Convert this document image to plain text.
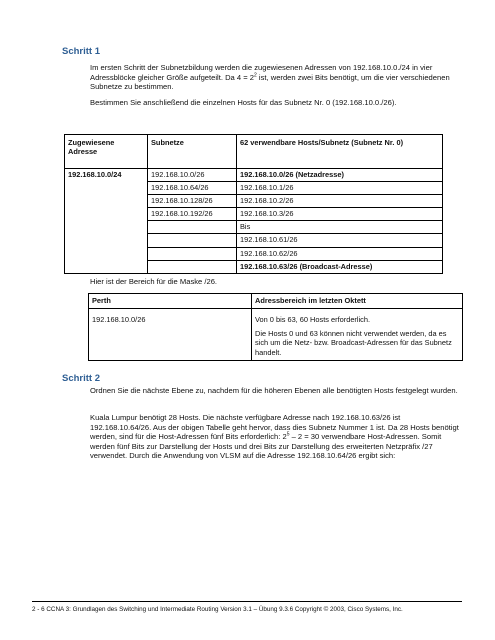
Schritt 1

Im ersten Schritt der Subnetzbildung werden die zugewiesenen Adressen von 192.168.10.0./24 in vier Adressblöcke gleicher Größe aufgeteilt. Da $4 = 2^2$ ist, werden zwei Bits benötigt, um die vier verschiedenen Subnetze zu bestimmen.

Bestimmen Sie anschließend die einzelnen Hosts für das Subnetz Nr. 0 (192.168.10.0./26).

Zugewiesene Adresse	Subnetze	62 verwendbare Hosts/Subnetz (Subnetz Nr. 0)
192.168.10.0/24	192.168.10.0/26	192.168.10.0/26 (Netzadresse)
	192.168.10.64/26	192.168.10.1/26
	192.168.10.128/26	192.168.10.2/26
	192.168.10.192/26	192.168.10.3/26
		Bis
		192.168.10.61/26
		192.168.10.62/26
		192.168.10.63/26 (Broadcast-Adresse)

Hier ist der Bereich für die Maske /26.

Perth	Adressbereich im letzten Oktett
192.168.10.0/26	Von 0 bis 63, 60 Hosts erforderlich.

Die Hosts 0 und 63 können nicht verwendet werden, da es sich um die Netz- bzw. Broadcast-Adressen für das Subnetz handelt.

Schritt 2

Ordnen Sie die nächste Ebene zu, nachdem für die höheren Ebenen alle benötigten Hosts festgelegt wurden.

Kuala Lumpur benötigt 28 Hosts. Die nächste verfügbare Adresse nach 192.168.10.63/26 ist 192.168.10.64/26. Aus der obigen Tabelle geht hervor, dass dies Subnetz Nummer 1 ist. Da 28 Hosts benötigt werden, sind für die Host-Adressen fünf Bits erforderlich: $2^5 - 2 = 30$ verwendbare Host-Adressen. Somit werden fünf Bits zur Darstellung der Hosts und drei Bits zur Darstellung des erweiterten Netzpräfix /27 verwendet. Durch die Anwendung von VLSM auf die Adresse 192.168.10.64/26 ergibt sich:

2 - 6 CCNA 3: Grundlagen des Switching und Intermediate Routing Version 3.1 – Übung 9.3.6 Copyright © 2003, Cisco Systems, Inc.
